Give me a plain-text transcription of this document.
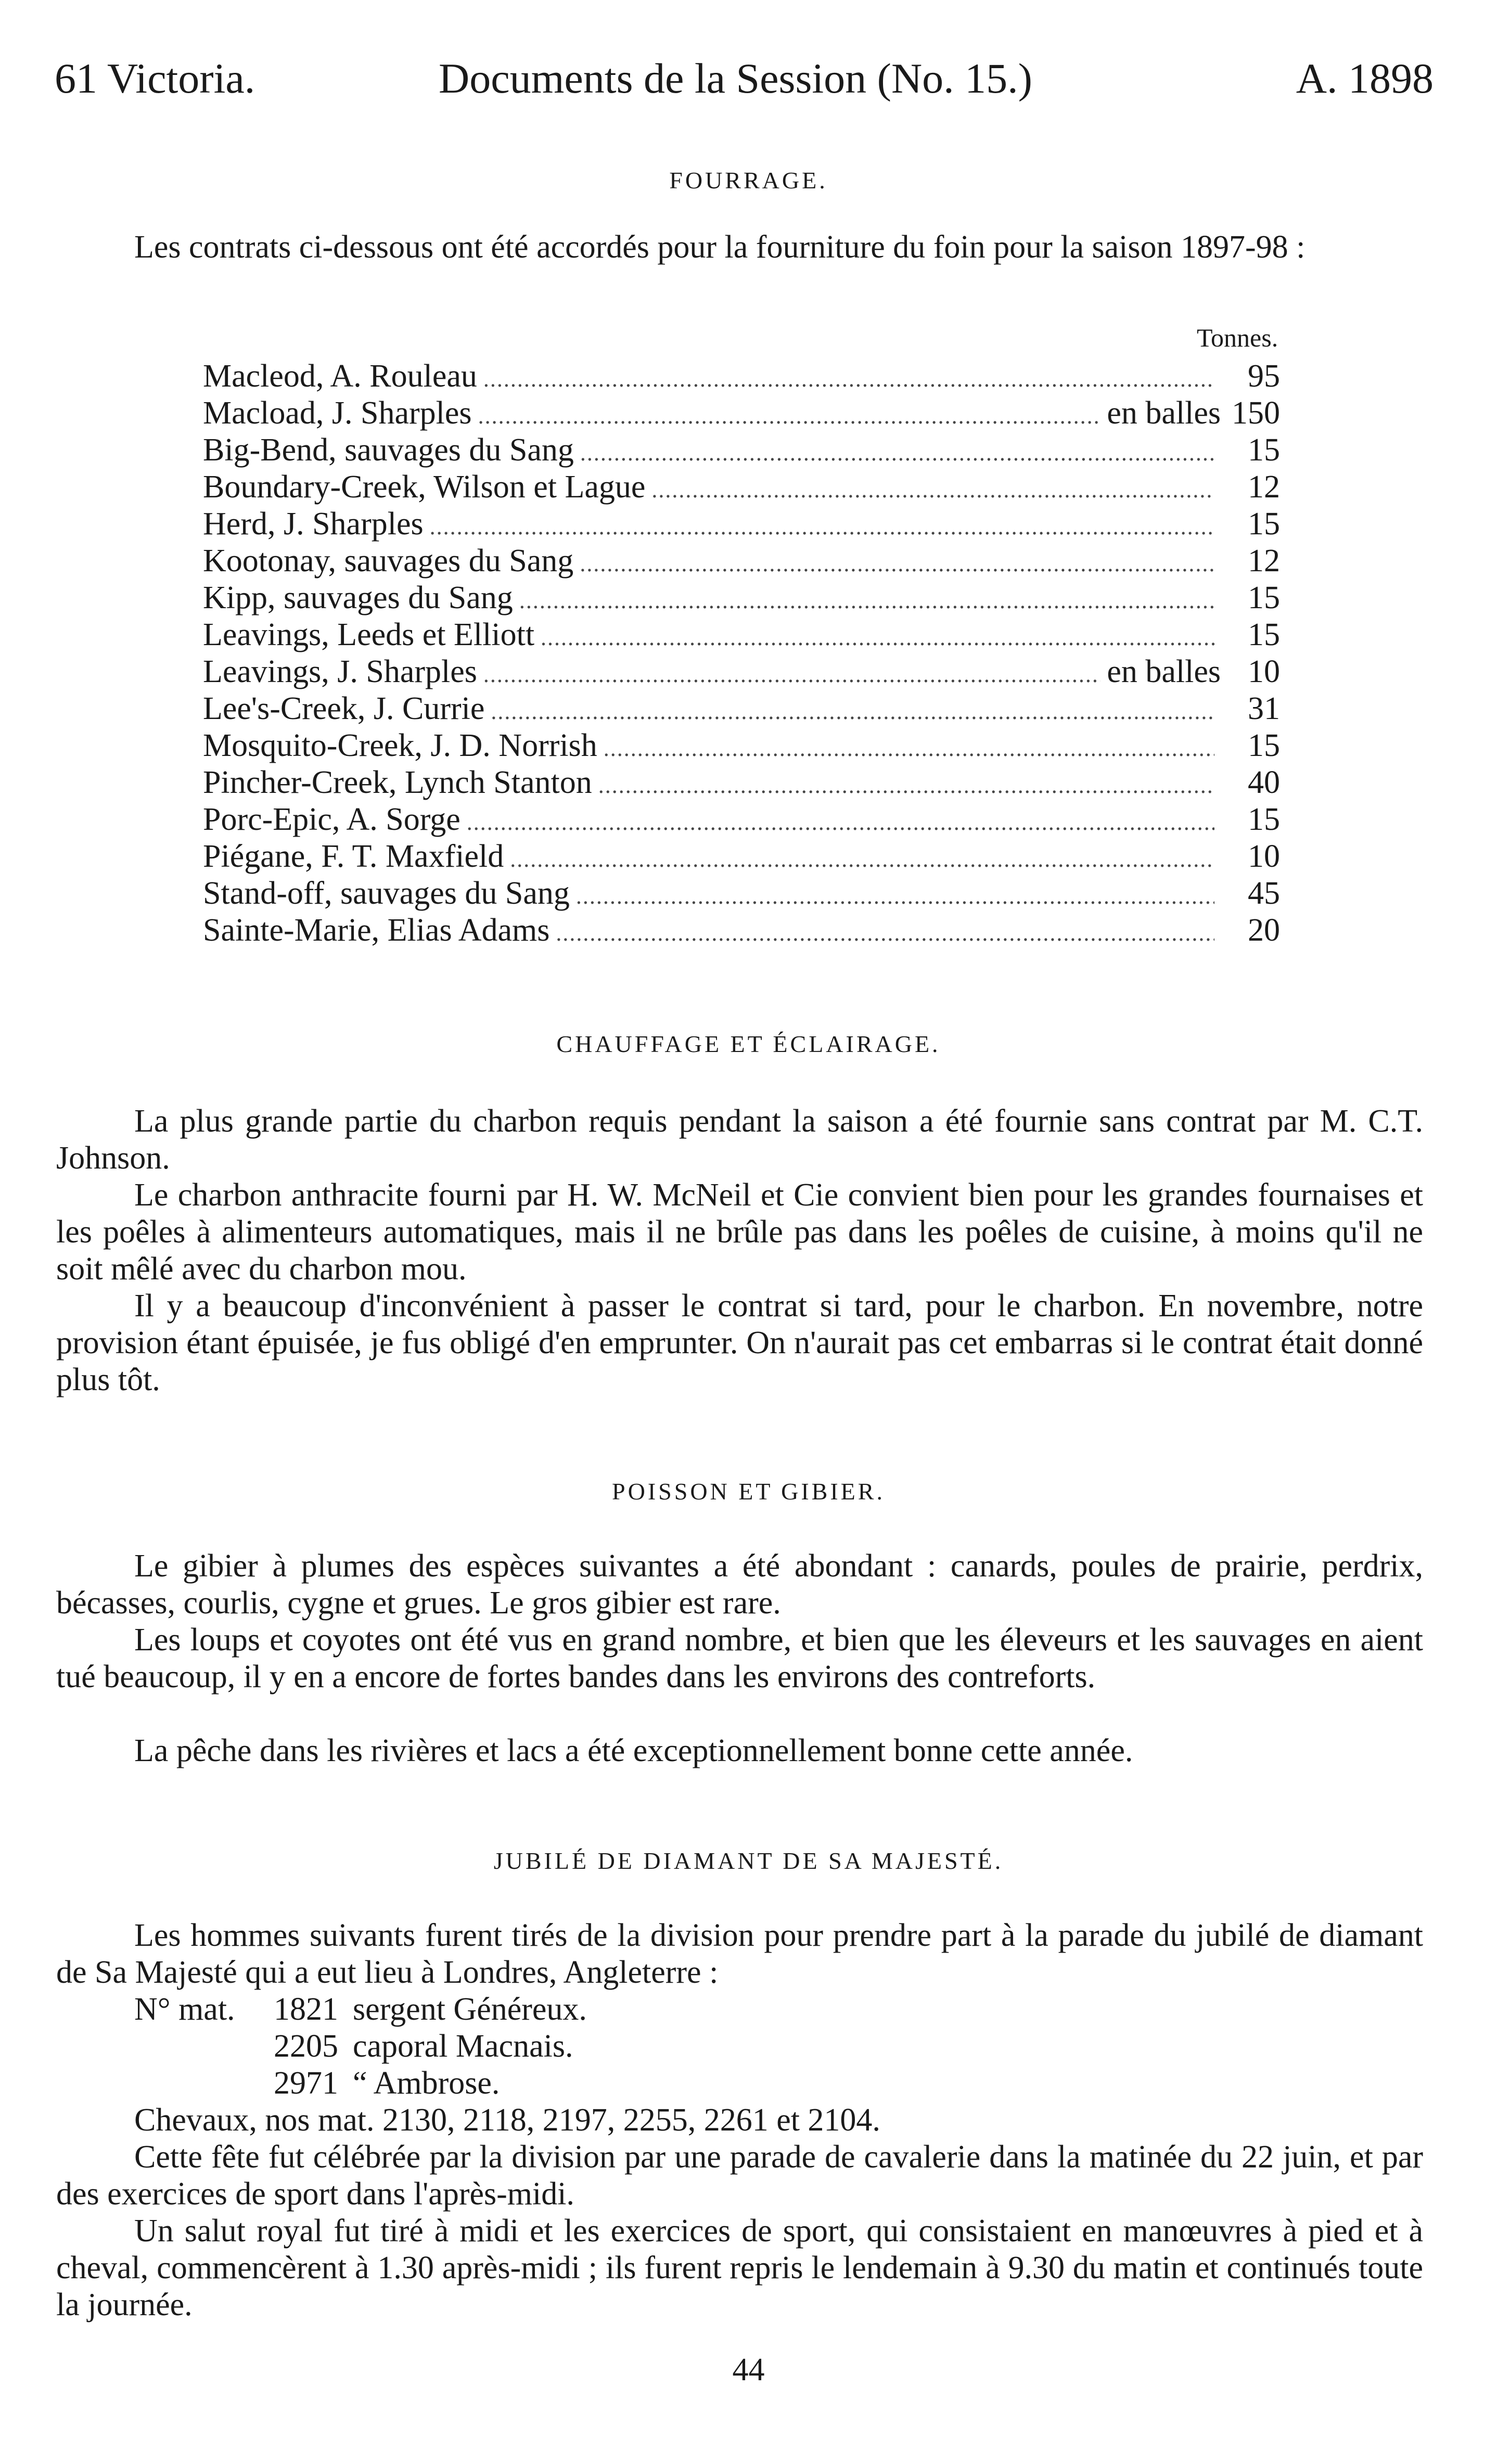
61 Victoria.	Documents de la Session (No. 15.)	A. 1898
FOURRAGE.

Les contrats ci-dessous ont été accordés pour la fourniture du foin pour la saison 1897-98 :

Tonnes.
Macleod, A. Rouleau .....	95
Macload, J. Sharples .....	en balles 150
Big-Bend, sauvages du Sang .....	15
Boundary-Creek, Wilson et Lague .....	12
Herd, J. Sharples .....	15
Kootonay, sauvages du Sang .....	12
Kipp, sauvages du Sang .....	15
Leavings, Leeds et Elliott .....	15
Leavings, J. Sharples .....	en balles 10
Lee's-Creek, J. Currie .....	31
Mosquito-Creek, J. D. Norrish .....	15
Pincher-Creek, Lynch Stanton .....	40
Porc-Epic, A. Sorge .....	15
Piégane, F. T. Maxfield .....	10
Stand-off, sauvages du Sang .....	45
Sainte-Marie, Elias Adams .....	20
CHAUFFAGE ET ÉCLAIRAGE.

La plus grande partie du charbon requis pendant la saison a été fournie sans contrat par M. C.T. Johnson.

Le charbon anthracite fourni par H. W. McNeil et Cie convient bien pour les grandes fournaises et les poêles à alimenteurs automatiques, mais il ne brûle pas dans les poêles de cuisine, à moins qu'il ne soit mêlé avec du charbon mou.

Il y a beaucoup d'inconvénient à passer le contrat si tard, pour le charbon. En novembre, notre provision étant épuisée, je fus obligé d'en emprunter. On n'aurait pas cet embarras si le contrat était donné plus tôt.

POISSON ET GIBIER.

Le gibier à plumes des espèces suivantes a été abondant : canards, poules de prairie, perdrix, bécasses, courlis, cygne et grues. Le gros gibier est rare.

Les loups et coyotes ont été vus en grand nombre, et bien que les éleveurs et les sauvages en aient tué beaucoup, il y en a encore de fortes bandes dans les environs des contreforts.

La pêche dans les rivières et lacs a été exceptionnellement bonne cette année.

JUBILÉ DE DIAMANT DE SA MAJESTÉ.

Les hommes suivants furent tirés de la division pour prendre part à la parade du jubilé de diamant de Sa Majesté qui a eut lieu à Londres, Angleterre :

N° mat. 1821 sergent Généreux.
2205 caporal Macnais.
2971 “ Ambrose.
Chevaux, nos mat. 2130, 2118, 2197, 2255, 2261 et 2104.

Cette fête fut célébrée par la division par une parade de cavalerie dans la matinée du 22 juin, et par des exercices de sport dans l'après-midi.

Un salut royal fut tiré à midi et les exercices de sport, qui consistaient en manœuvres à pied et à cheval, commencèrent à 1.30 après-midi ; ils furent repris le lendemain à 9.30 du matin et continués toute la journée.

44
